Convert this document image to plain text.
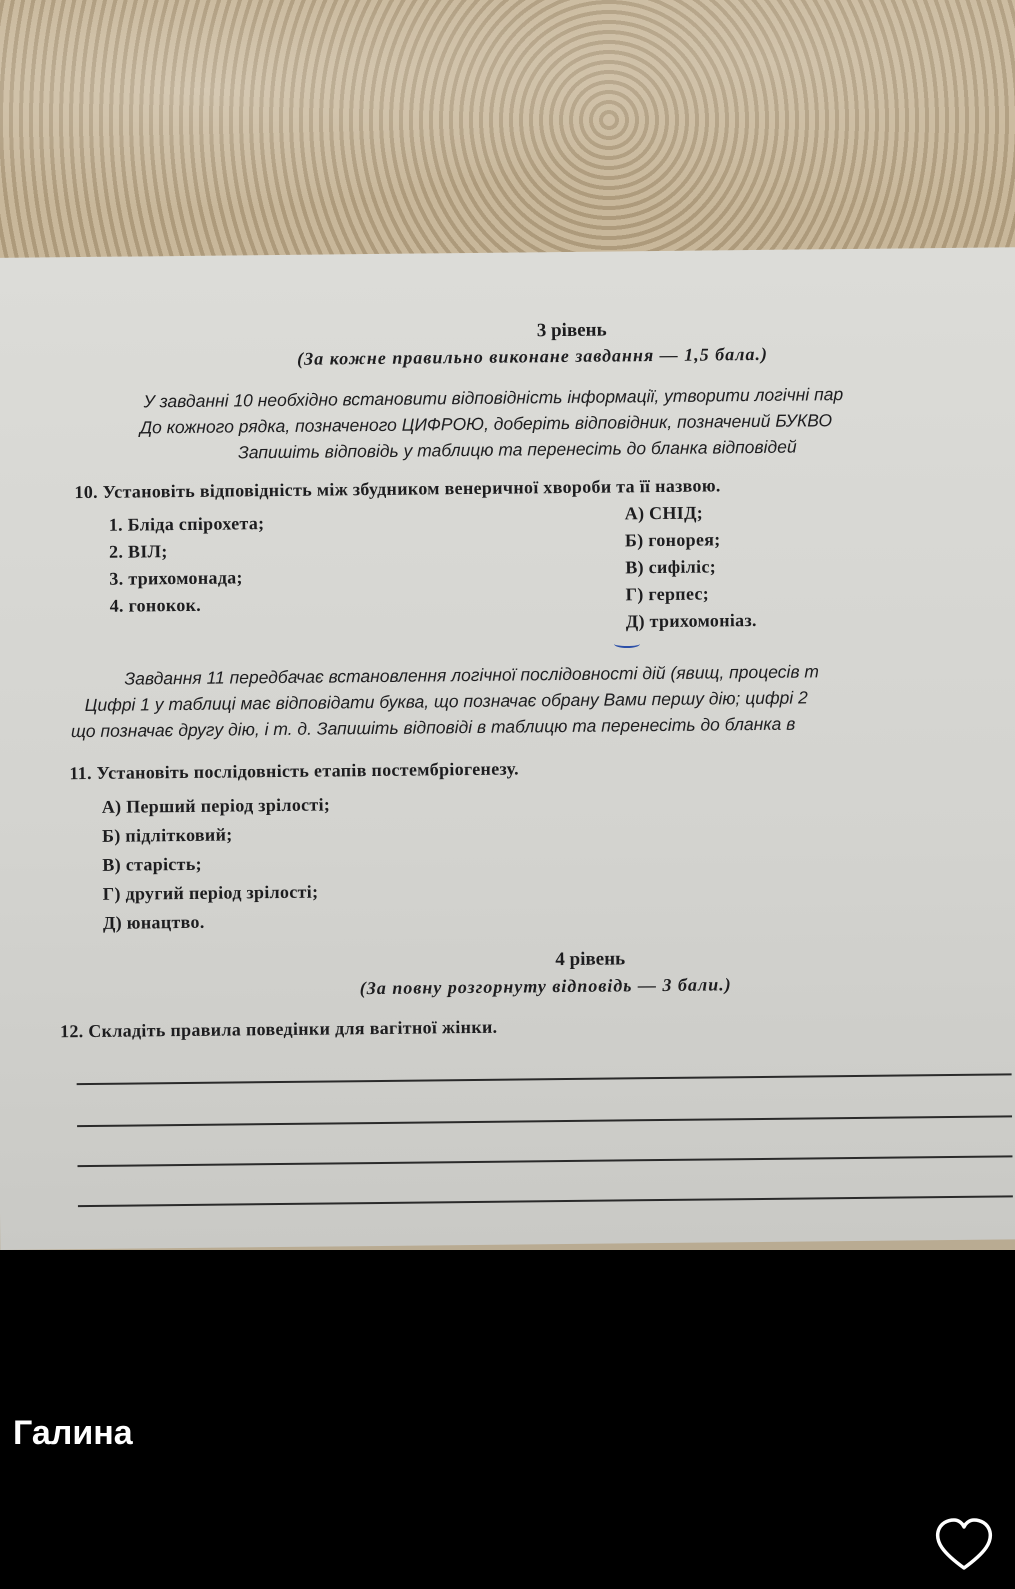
3 рівень
(За кожне правильно виконане завдання — 1,5 бала.)
У завданні 10 необхідно встановити відповідність інформації, утворити логічні пар
До кожного рядка, позначеного ЦИФРОЮ, доберіть відповідник, позначений БУКВО
Запишіть відповідь у таблицю та перенесіть до бланка відповідей
10. Установіть відповідність між збудником венеричної хвороби та її назвою.
1. Бліда спірохета;
2. ВІЛ;
3. трихомонада;
4. гонокок.
А) СНІД;
Б) гонорея;
В) сифіліс;
Г) герпес;
Д) трихомоніаз.
Завдання 11 передбачає встановлення логічної послідовності дій (явищ, процесів т
Цифрі 1 у таблиці має відповідати буква, що позначає обрану Вами першу дію; цифрі 2
що позначає другу дію, і т. д. Запишіть відповіді в таблицю та перенесіть до бланка в
11. Установіть послідовність етапів постембріогенезу.
А) Перший період зрілості;
Б) підлітковий;
В) старість;
Г) другий період зрілості;
Д) юнацтво.
4 рівень
(За повну розгорнуту відповідь — 3 бали.)
12. Складіть правила поведінки для вагітної жінки.
Галина
